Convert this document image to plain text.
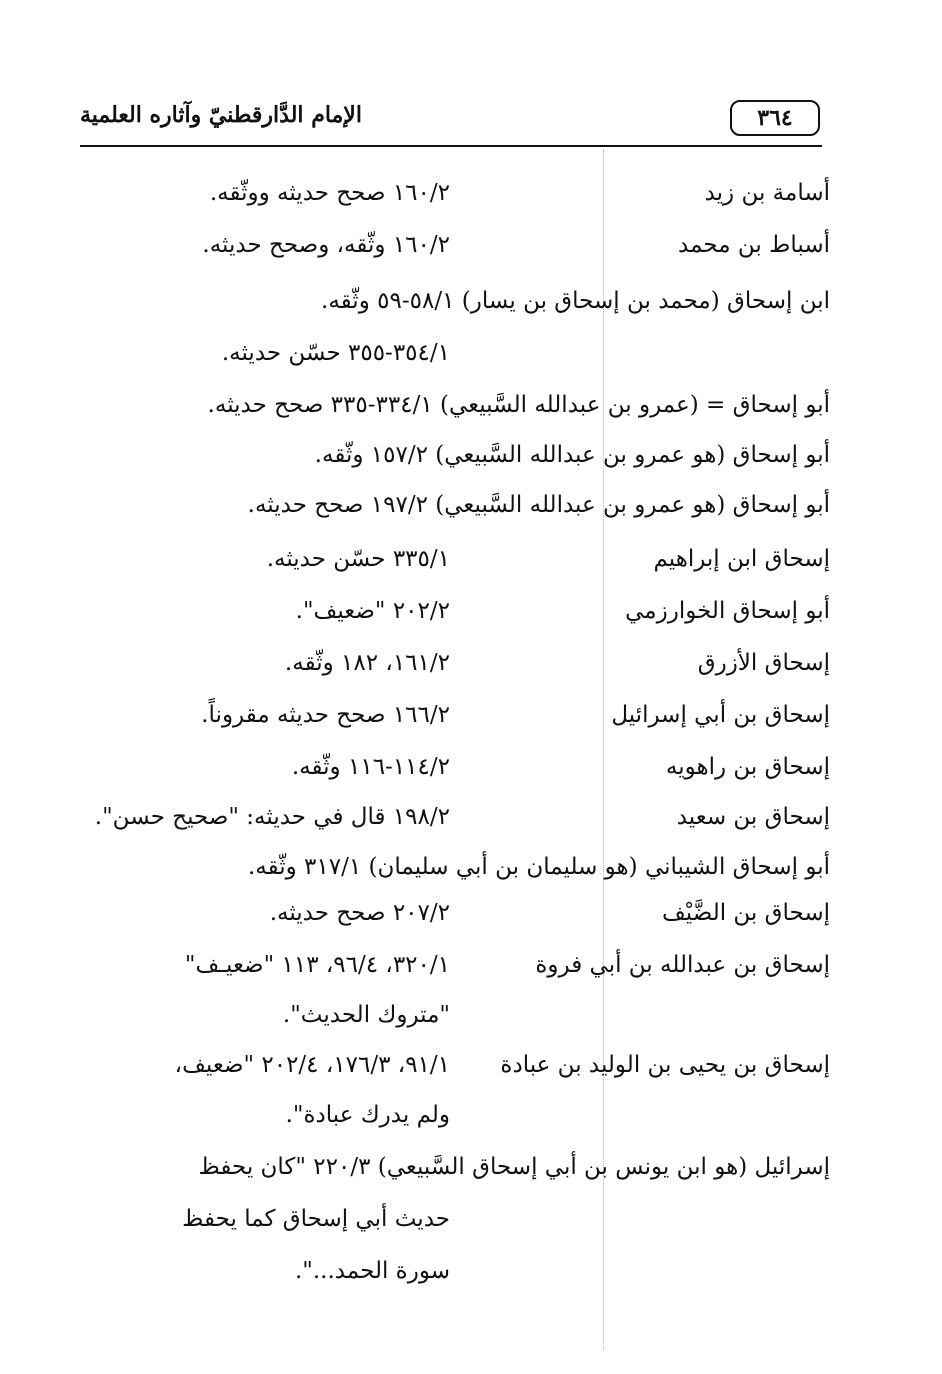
٣٦٤
الإمام الدَّارقطنيّ وآثاره العلمية
أسامة بن زيد
١٦٠/٢ صحح حديثه ووثّقه.
أسباط بن محمد
١٦٠/٢ وثّقه، وصحح حديثه.
ابن إسحاق (محمد بن إسحاق بن يسار) ٥٨/١-٥٩ وثّقه.
٣٥٤/١-٣٥٥ حسّن حديثه.
أبو إسحاق = (عمرو بن عبدالله السَّبيعي) ٣٣٤/١-٣٣٥ صحح حديثه.
أبو إسحاق (هو عمرو بن عبدالله السَّبيعي) ١٥٧/٢ وثّقه.
أبو إسحاق (هو عمرو بن عبدالله السَّبيعي) ١٩٧/٢ صحح حديثه.
إسحاق ابن إبراهيم
٣٣٥/١ حسّن حديثه.
أبو إسحاق الخوارزمي
٢٠٢/٢ "ضعيف".
إسحاق الأزرق
١٦١/٢، ١٨٢ وثّقه.
إسحاق بن أبي إسرائيل
١٦٦/٢ صحح حديثه مقروناً.
إسحاق بن راهويه
١١٤/٢-١١٦ وثّقه.
إسحاق بن سعيد
١٩٨/٢ قال في حديثه: "صحيح حسن".
أبو إسحاق الشيباني (هو سليمان بن أبي سليمان) ٣١٧/١ وثّقه.
إسحاق بن الضَّيْف
٢٠٧/٢ صحح حديثه.
إسحاق بن عبدالله بن أبي فروة
٣٢٠/١، ٩٦/٤، ١١٣ "ضعيـف"
"متروك الحديث".
إسحاق بن يحيى بن الوليد بن عبادة
٩١/١، ١٧٦/٣، ٢٠٢/٤ "ضعيف،
ولم يدرك عبادة".
إسرائيل (هو ابن يونس بن أبي إسحاق السَّبيعي) ٢٢٠/٣ "كان يحفظ
حديث أبي إسحاق كما يحفظ
سورة الحمد...".
